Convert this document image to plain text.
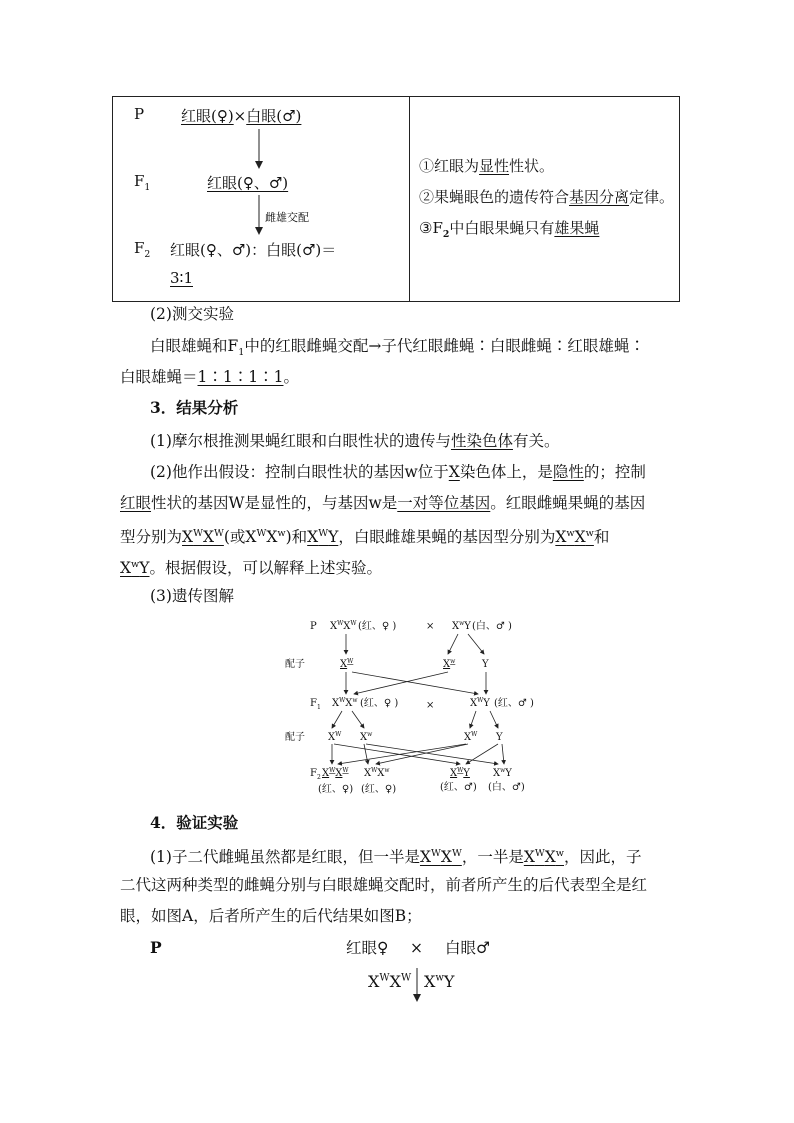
P 红眼(♀)×白眼(♂)
$F_1$	红眼(♀、♂)
雌雄交配
$F_2$ 红眼(♀、♂)：白眼(♂)＝
3∶1
①红眼为显性性状。
②果蝇眼色的遗传符合基因分离定律。
$③F_2$中白眼果蝇只有雄果蝇
(2)测交实验
白眼雄蝇和$F_1$中的红眼雌蝇交配→子代红眼雌蝇∶白眼雌蝇∶红眼雄蝇∶
白眼雄蝇＝1∶1∶1∶1。
3．结果分析
(1)摩尔根推测果蝇红眼和白眼性状的遗传与性染色体有关。
(2)他作出假设：控制白眼性状的基因w位于X染色体上，是隐性的；控制
红眼性状的基因W是显性的，与基因w是一对等位基因。红眼雌蝇果蝇的基因
型分别为$X^WX^W$(或$X^WX^w$)和$X^WY$，白眼雌雄果蝇的基因型分别为$X^wX^w$和
$X^wY$。根据假设，可以解释上述实验。
(3)遗传图解
P $X^WX^W$ (红、♀ )	× $X^wY$ (白、♂ )
配子	$X^W$	$X^w$	Y
$F_1$ $X^WX^w$ (红、♀ )	×	$X^WY$ (红、♂ )
配子 $X^W$ $X^w$	$X^W$ Y
$F_2$ $X^WX^W$ $X^WX^w$	$X^WY$ $X^wY$
(红、♀) (红、♀)	(红、♂) (白、♂)
4．验证实验
(1)子二代雌蝇虽然都是红眼，但一半是$X^WX^W$，一半是$X^WX^w$，因此，子
二代这两种类型的雌蝇分别与白眼雄蝇交配时，前者所产生的后代表型全是红
眼，如图A，后者所产生的后代结果如图B；
P	红眼♀ × 白眼♂
$X^WX^W$ $X^wY$
